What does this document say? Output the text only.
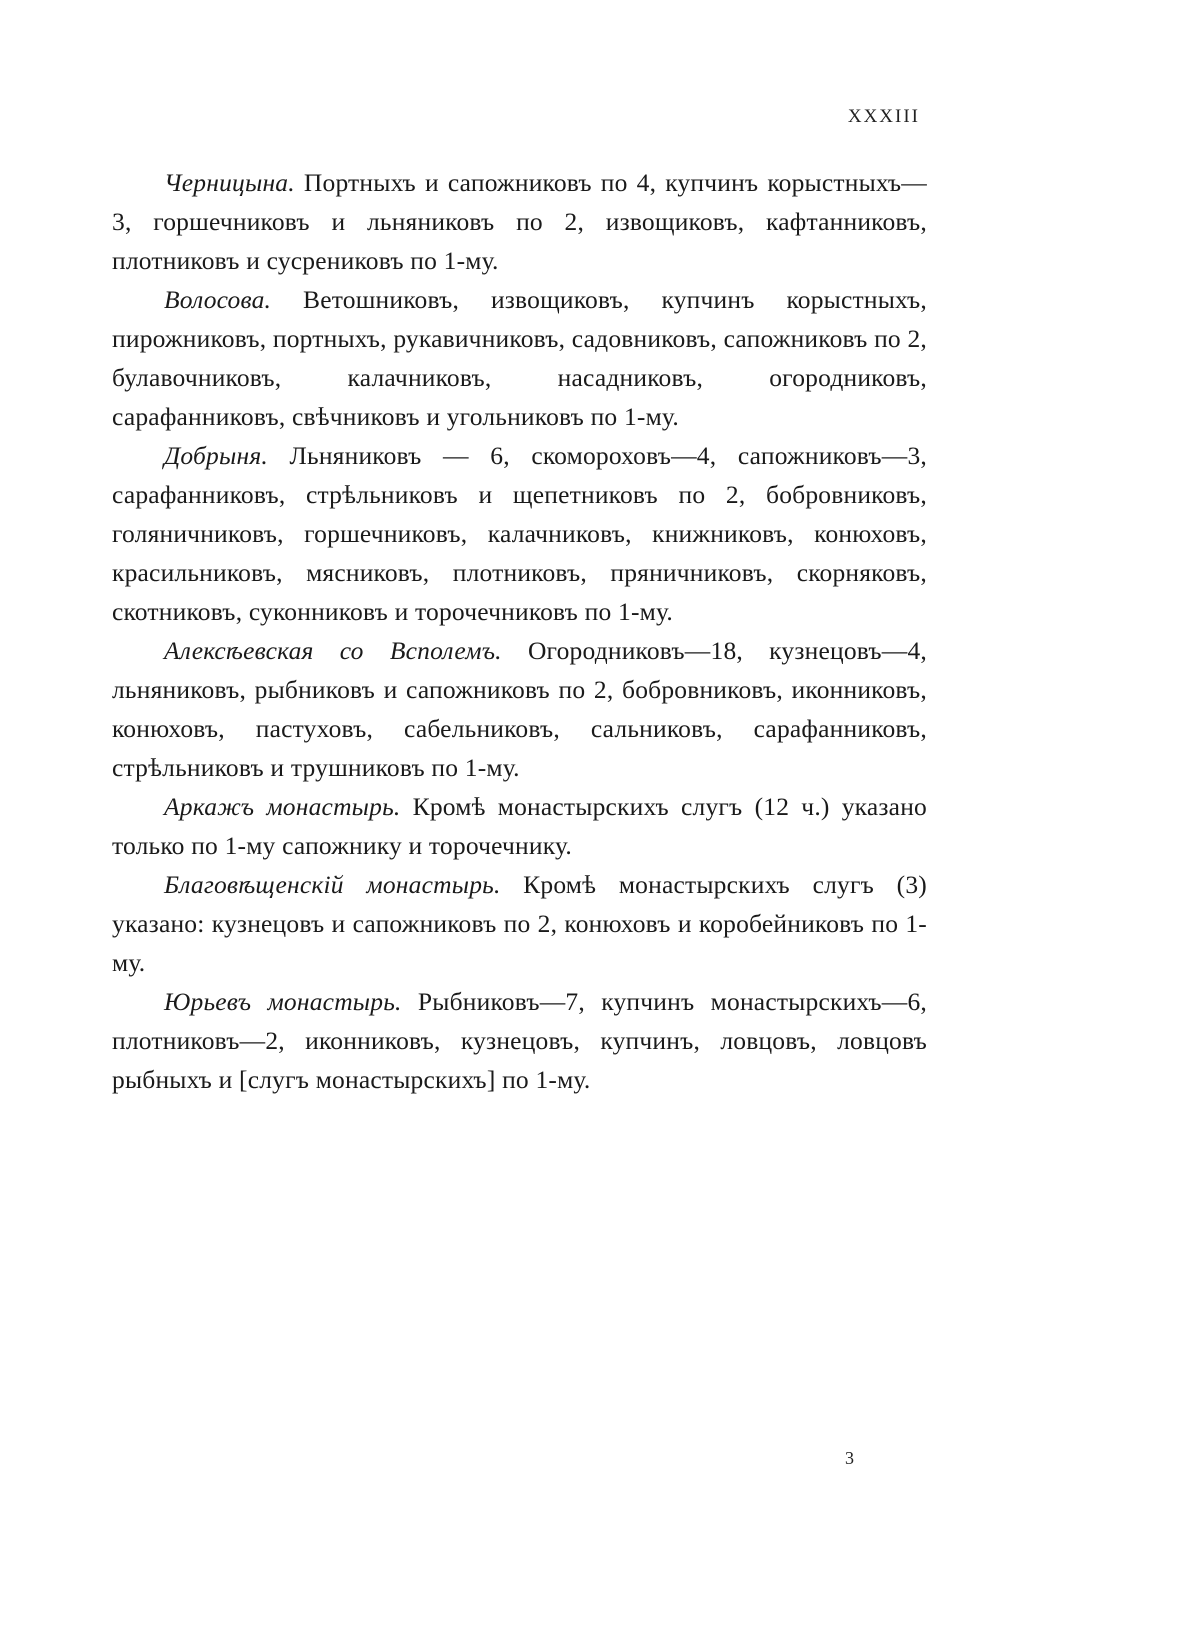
XXXIII

Черницына. Портныхъ и сапожниковъ по 4, купчинъ корыстныхъ—3, горшечниковъ и льняниковъ по 2, извощиковъ, кафтанниковъ, плотниковъ и сусрениковъ по 1-му.

Волосова. Ветошниковъ, извощиковъ, купчинъ корыстныхъ, пирожниковъ, портныхъ, рукавичниковъ, садовниковъ, сапожниковъ по 2, булавочниковъ, калачниковъ, насадниковъ, огородниковъ, сарафанниковъ, свѣчниковъ и угольниковъ по 1-му.

Добрыня. Льняниковъ — 6, скомороховъ—4, сапожниковъ—3, сарафанниковъ, стрѣльниковъ и щепетниковъ по 2, бобровниковъ, голяничниковъ, горшечниковъ, калачниковъ, книжниковъ, конюховъ, красильниковъ, мясниковъ, плотниковъ, пряничниковъ, скорняковъ, скотниковъ, суконниковъ и торочечниковъ по 1-му.

Алексѣевская со Всполемъ. Огородниковъ—18, кузнецовъ—4, льняниковъ, рыбниковъ и сапожниковъ по 2, бобровниковъ, иконниковъ, конюховъ, пастуховъ, сабельниковъ, сальниковъ, сарафанниковъ, стрѣльниковъ и трушниковъ по 1-му.

Аркажъ монастырь. Кромѣ монастырскихъ слугъ (12 ч.) указано только по 1-му сапожнику и торочечнику.

Благовѣщенскій монастырь. Кромѣ монастырскихъ слугъ (3) указано: кузнецовъ и сапожниковъ по 2, конюховъ и коробейниковъ по 1-му.

Юрьевъ монастырь. Рыбниковъ—7, купчинъ монастырскихъ—6, плотниковъ—2, иконниковъ, кузнецовъ, купчинъ, ловцовъ, ловцовъ рыбныхъ и [слугъ монастырскихъ] по 1-му.

3
